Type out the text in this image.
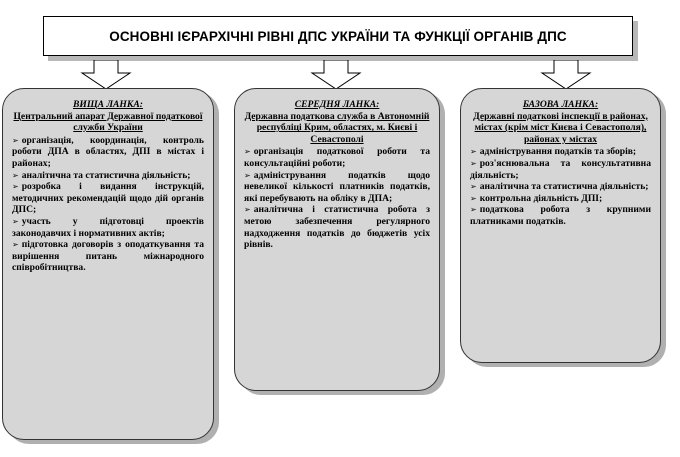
ОСНОВНІ ІЄРАРХІЧНІ РІВНІ ДПС УКРАЇНИ ТА ФУНКЦІЇ ОРГАНІВ ДПС
ВИЩА ЛАНКА:
Центральний апарат Державної податкової служби України
➢ організація, координація, контроль роботи ДПА в областях, ДПІ в містах і районах;
➢ аналітична та статистична діяльність;
➢ розробка і видання інструкцій, методичних рекомендацій щодо дій органів ДПС;
➢ участь у підготовці проектів законодавчих і нормативних актів;
➢ підготовка договорів з оподаткування та вирішення питань міжнародного співробітництва.
СЕРЕДНЯ ЛАНКА:
Державна податкова служба в Автономній республіці Крим, областях, м. Києві і Севастополі
➢ організація податкової роботи та консультаційні роботи;
➢ адміністрування податків щодо невеликої кількості платників податків, які перебувають на обліку в ДПА;
➢ аналітична і статистична робота з метою забезпечення регулярного надходження податків до бюджетів усіх рівнів.
БАЗОВА ЛАНКА:
Державні податкові інспекції в районах, містах (крім міст Києва і Севастополя), районах у містах
➢ адміністрування податків та зборів;
➢ роз'яснювальна та консультативна діяльність;
➢ аналітична та статистична діяльність;
➢ контрольна діяльність ДПІ;
➢ податкова робота з крупними платниками податків.
